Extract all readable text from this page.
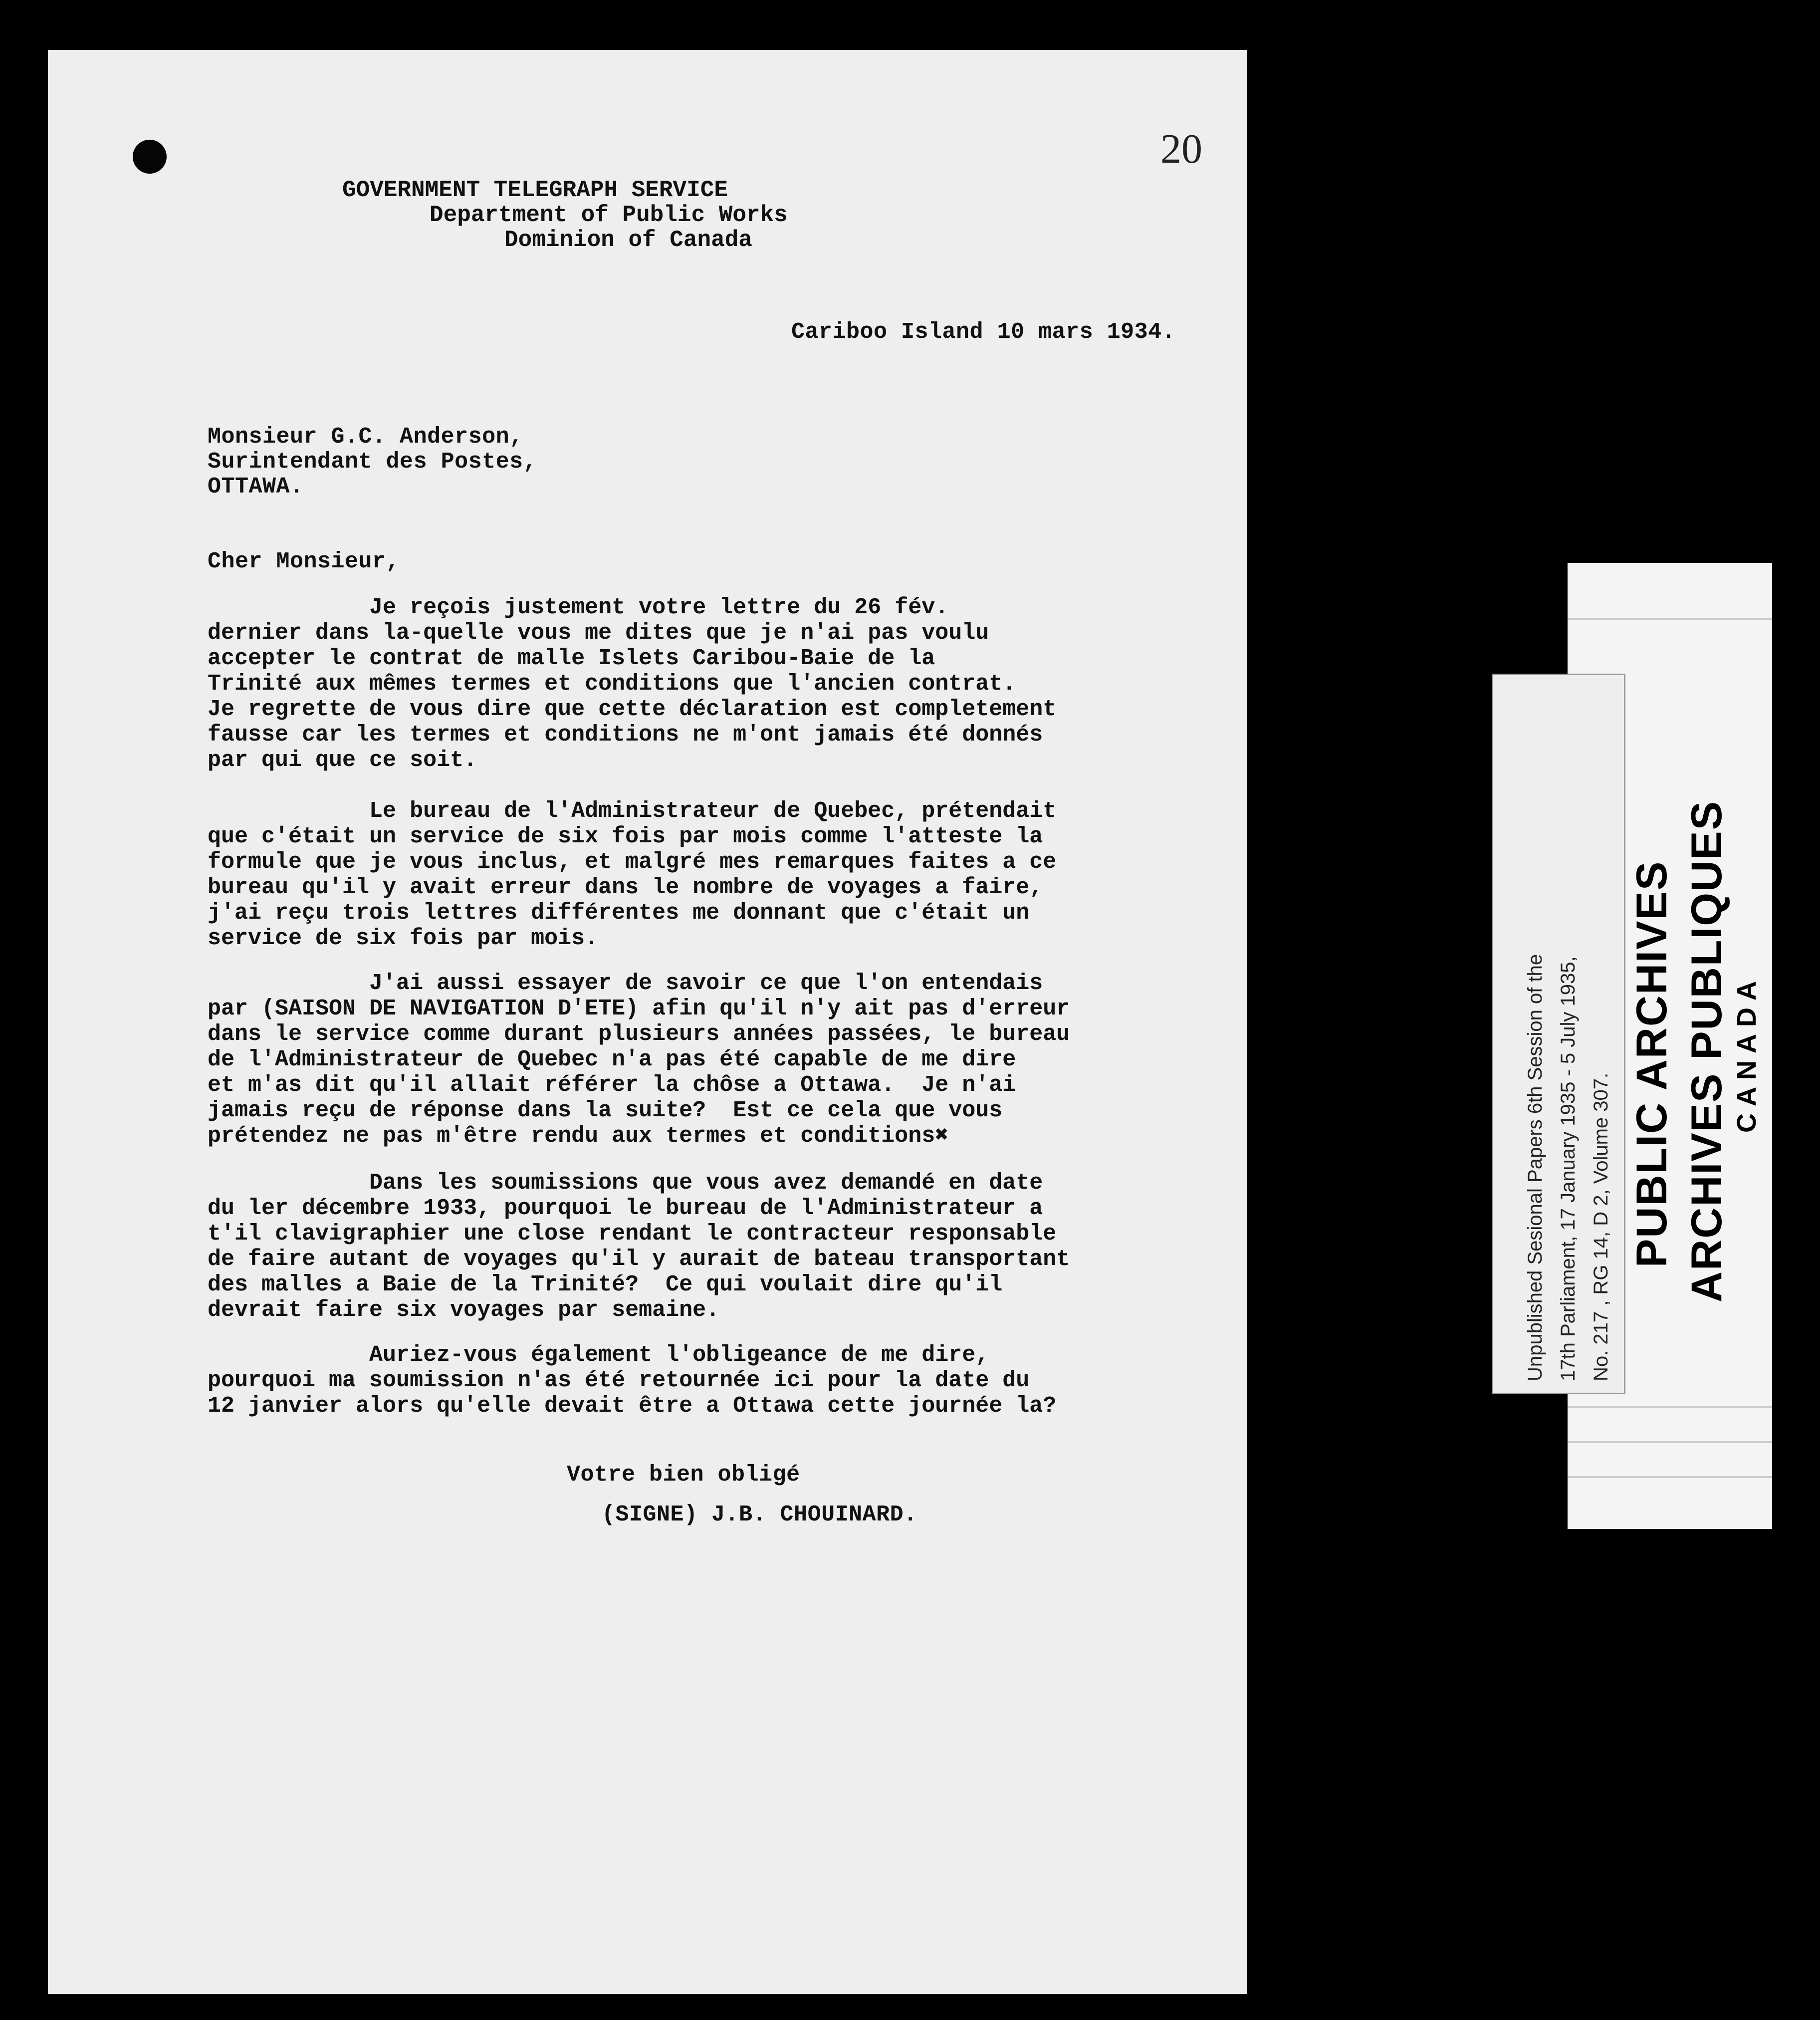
20
GOVERNMENT TELEGRAPH SERVICE
Department of Public Works
Dominion of Canada
Cariboo Island 10 mars 1934.
Monsieur G.C. Anderson,
Surintendant des Postes,
OTTAWA.
Cher Monsieur,
Je reçois justement votre lettre du 26 fév.
dernier dans la-quelle vous me dites que je n'ai pas voulu
accepter le contrat de malle Islets Caribou-Baie de la
Trinité aux mêmes termes et conditions que l'ancien contrat.
Je regrette de vous dire que cette déclaration est completement
fausse car les termes et conditions ne m'ont jamais été donnés
par qui que ce soit.
Le bureau de l'Administrateur de Quebec, prétendait
que c'était un service de six fois par mois comme l'atteste la
formule que je vous inclus, et malgré mes remarques faites a ce
bureau qu'il y avait erreur dans le nombre de voyages a faire,
j'ai reçu trois lettres différentes me donnant que c'était un
service de six fois par mois.
J'ai aussi essayer de savoir ce que l'on entendais
par (SAISON DE NAVIGATION D'ETE) afin qu'il n'y ait pas d'erreur
dans le service comme durant plusieurs années passées, le bureau
de l'Administrateur de Quebec n'a pas été capable de me dire
et m'as dit qu'il allait référer la chôse a Ottawa.  Je n'ai
jamais reçu de réponse dans la suite?  Est ce cela que vous
prétendez ne pas m'être rendu aux termes et conditions✖
Dans les soumissions que vous avez demandé en date
du ler décembre 1933, pourquoi le bureau de l'Administrateur a
t'il clavigraphier une close rendant le contracteur responsable
de faire autant de voyages qu'il y aurait de bateau transportant
des malles a Baie de la Trinité?  Ce qui voulait dire qu'il
devrait faire six voyages par semaine.
Auriez-vous également l'obligeance de me dire,
pourquoi ma soumission n'as été retournée ici pour la date du
12 janvier alors qu'elle devait être a Ottawa cette journée la?
Votre bien obligé
(SIGNE) J.B. CHOUINARD.
Unpublished Sesional Papers 6th Session of the 17th Parliament, 17 January 1935 - 5 July 1935, No. 217 , RG 14, D 2, Volume 307. PUBLIC ARCHIVES ARCHIVES PUBLIQUES CANADA
